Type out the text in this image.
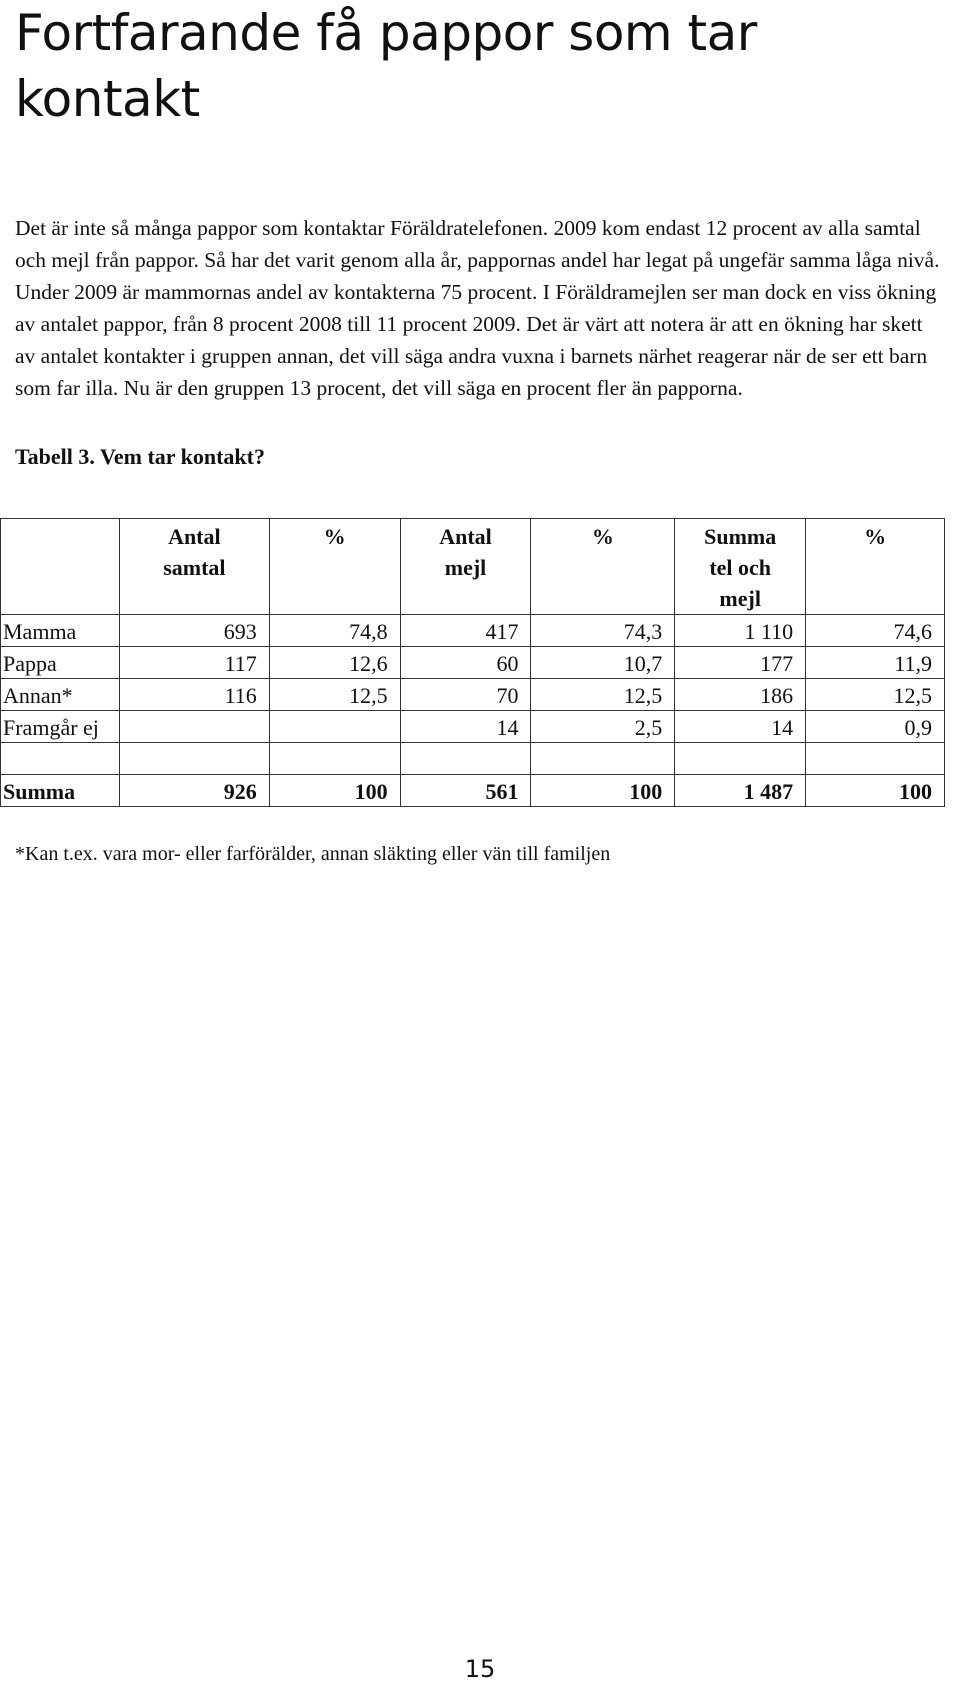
Fortfarande få pappor som tar
kontakt

Det är inte så många pappor som kontaktar Föräldratelefonen. 2009 kom endast 12 procent av alla samtal och mejl från pappor. Så har det varit genom alla år, pappornas andel har legat på ungefär samma låga nivå. Under 2009 är mammornas andel av kontakterna 75 procent. I Föräldramejlen ser man dock en viss ökning av antalet pappor, från 8 procent 2008 till 11 procent 2009. Det är värt att notera är att en ökning har skett av antalet kontakter i gruppen annan, det vill säga andra vuxna i barnets närhet reagerar när de ser ett barn som far illa. Nu är den gruppen 13 procent, det vill säga en procent fler än papporna.

Tabell 3. Vem tar kontakt?

	Antal
samtal	%	Antal
mejl	%	Summa
tel och
mejl	%
Mamma	693	74,8	417	74,3	1 110	74,6
Pappa	117	12,6	60	10,7	177	11,9
Annan*	116	12,5	70	12,5	186	12,5
Framgår ej			14	2,5	14	0,9

Summa	926	100	561	100	1 487	100
*Kan t.ex. vara mor- eller farförälder, annan släkting eller vän till familjen
15
